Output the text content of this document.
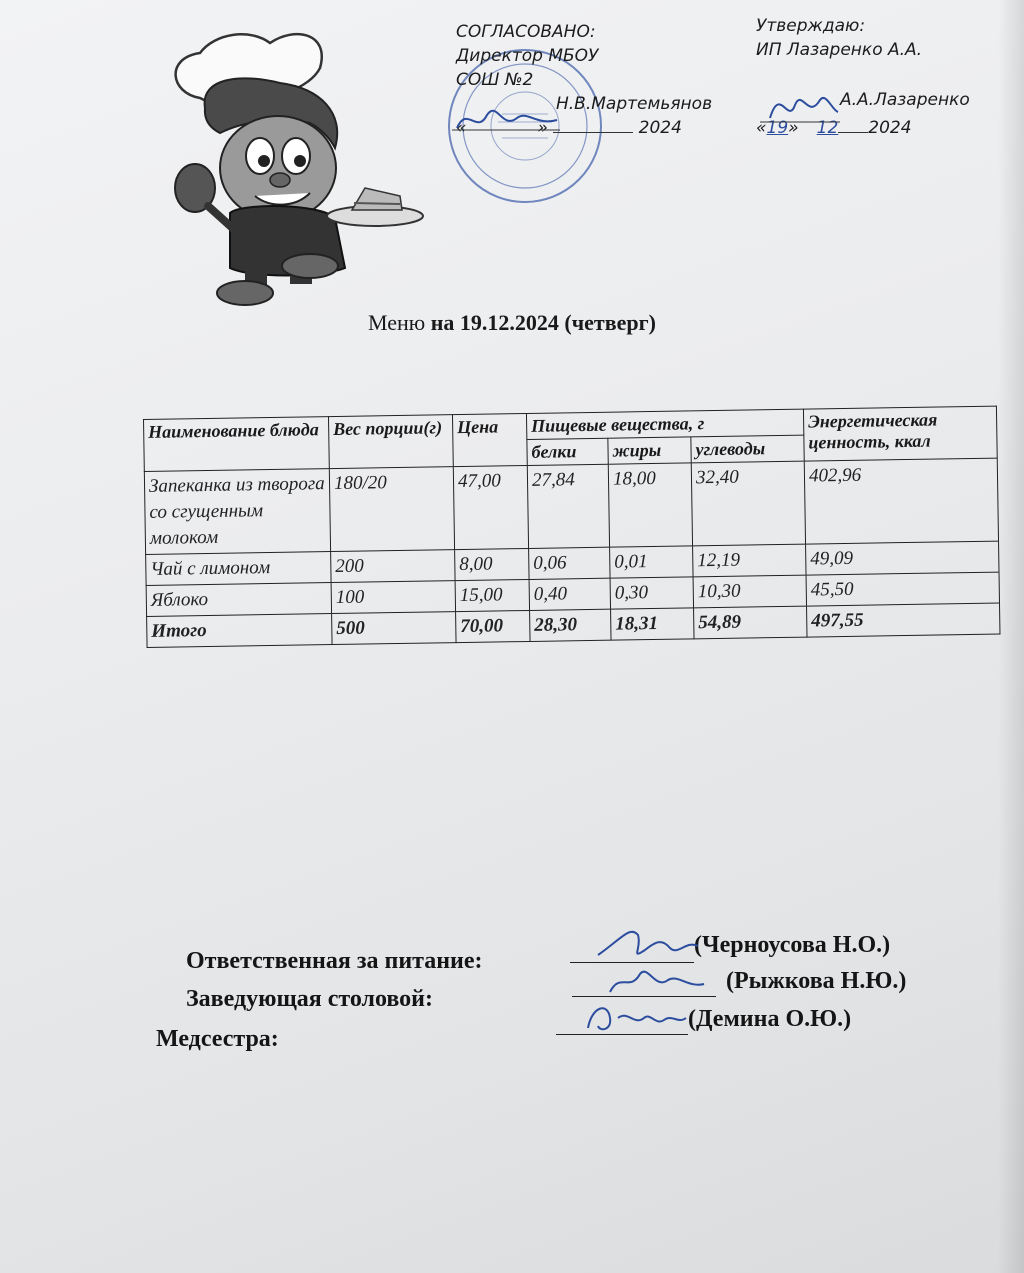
СОГЛАСОВАНО:
Директор МБОУ
СОШ №2
Н.В.Мартемьянов
«	»	2024
Утверждаю:
ИП Лазаренко А.А.
А.А.Лазаренко
«19» 12 2024
Меню на 19.12.2024 (четверг)
Наименование блюда	Вес порции(г)	Цена	Пищевые вещества, г			Энергетическая ценность, ккал
			белки	жиры	углеводы	
Запеканка из творога со сгущенным молоком	180/20	47,00	27,84	18,00	32,40	402,96
Чай с лимоном	200	8,00	0,06	0,01	12,19	49,09
Яблоко	100	15,00	0,40	0,30	10,30	45,50
Итого	500	70,00	28,30	18,31	54,89	497,55
Ответственная за питание:
(Черноусова Н.О.)
Заведующая столовой:
(Рыжкова Н.Ю.)
Медсестра:
(Демина О.Ю.)
